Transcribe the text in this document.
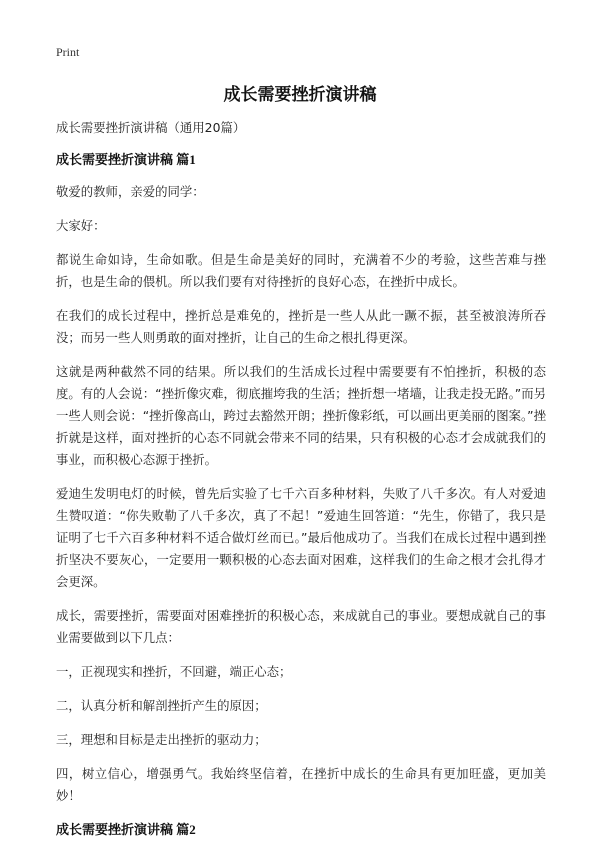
Print
成长需要挫折演讲稿

成长需要挫折演讲稿（通用20篇）

成长需要挫折演讲稿 篇1

敬爱的教师，亲爱的同学：

大家好：

都说生命如诗，生命如歌。但是生命是美好的同时，充满着不少的考验，这些苦难与挫折，也是生命的偎机。所以我们要有对待挫折的良好心态，在挫折中成长。

在我们的成长过程中，挫折总是难免的，挫折是一些人从此一蹶不振，甚至被浪涛所吞没；而另一些人则勇敢的面对挫折，让自己的生命之根扎得更深。

这就是两种截然不同的结果。所以我们的生活成长过程中需要要有不怕挫折，积极的态度。有的人会说：“挫折像灾难，彻底摧垮我的生活；挫折想一堵墙，让我走投无路。”而另一些人则会说：“挫折像高山，跨过去豁然开朗；挫折像彩纸，可以画出更美丽的图案。”挫折就是这样，面对挫折的心态不同就会带来不同的结果，只有积极的心态才会成就我们的事业，而积极心态源于挫折。

爱迪生发明电灯的时候，曾先后实验了七千六百多种材料，失败了八千多次。有人对爱迪生赞叹道：“你失败勒了八千多次，真了不起！”爱迪生回答道：“先生，你错了，我只是证明了七千六百多种材料不适合做灯丝而已。”最后他成功了。当我们在成长过程中遇到挫折坚决不要灰心，一定要用一颗积极的心态去面对困难，这样我们的生命之根才会扎得才会更深。

成长，需要挫折，需要面对困难挫折的积极心态，来成就自己的事业。要想成就自己的事业需要做到以下几点：

一，正视现实和挫折，不回避，端正心态；

二，认真分析和解剖挫折产生的原因；

三，理想和目标是走出挫折的驱动力；

四，树立信心，增强勇气。我始终坚信着，在挫折中成长的生命具有更加旺盛，更加美妙！

成长需要挫折演讲稿 篇2
